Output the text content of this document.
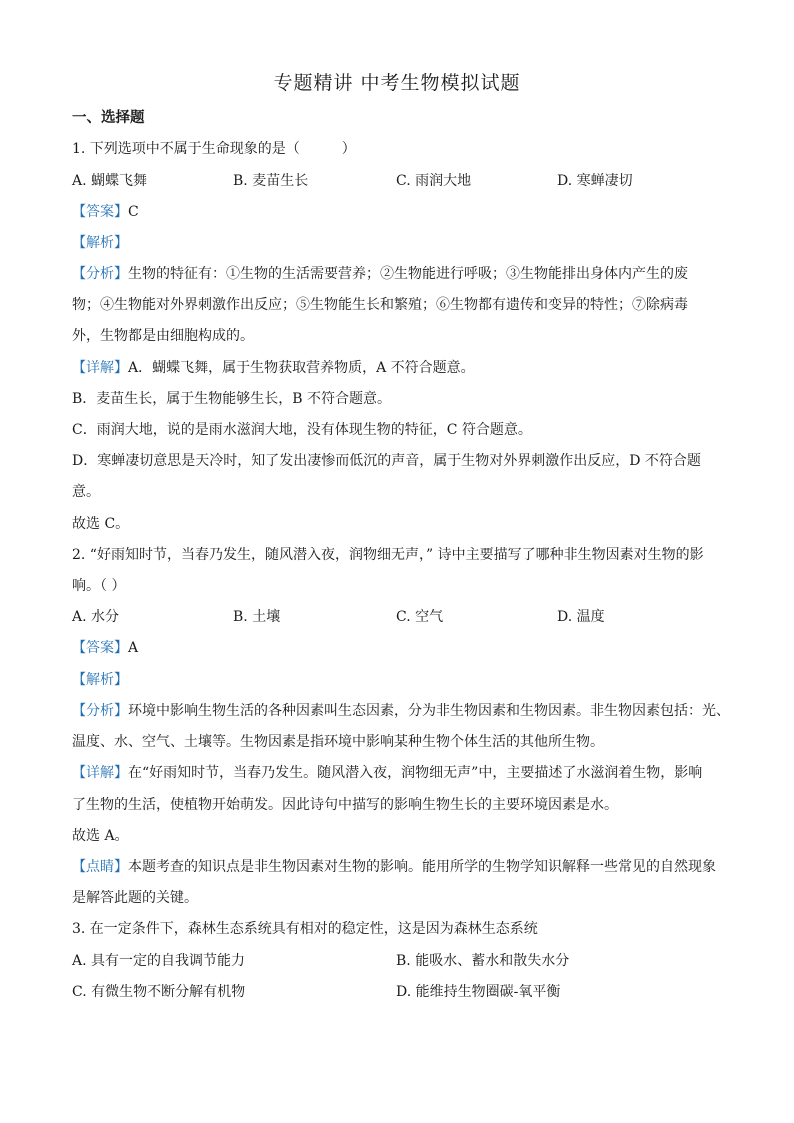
专题精讲 中考生物模拟试题
一、选择题
1. 下列选项中不属于生命现象的是（　　　）
A. 蝴蝶飞舞	B. 麦苗生长	C. 雨润大地	D. 寒蝉凄切
【答案】C
【解析】
【分析】生物的特征有：①生物的生活需要营养；②生物能进行呼吸；③生物能排出身体内产生的废
物；④生物能对外界刺激作出反应；⑤生物能生长和繁殖；⑥生物都有遗传和变异的特性；⑦除病毒
外，生物都是由细胞构成的。
【详解】A．蝴蝶飞舞，属于生物获取营养物质，A 不符合题意。
B．麦苗生长，属于生物能够生长，B 不符合题意。
C．雨润大地，说的是雨水滋润大地，没有体现生物的特征，C 符合题意。
D．寒蝉凄切意思是天冷时，知了发出凄惨而低沉的声音，属于生物对外界刺激作出反应，D 不符合题
意。
故选 C。
2. “好雨知时节，当春乃发生，随风潜入夜，润物细无声，” 诗中主要描写了哪种非生物因素对生物的影
响。（ ）
A. 水分	B. 土壤	C. 空气	D. 温度
【答案】A
【解析】
【分析】环境中影响生物生活的各种因素叫生态因素，分为非生物因素和生物因素。非生物因素包括：光、
温度、水、空气、土壤等。生物因素是指环境中影响某种生物个体生活的其他所生物。
【详解】在“好雨知时节，当春乃发生。随风潜入夜，润物细无声”中，主要描述了水滋润着生物，影响
了生物的生活，使植物开始萌发。因此诗句中描写的影响生物生长的主要环境因素是水。
故选 A。
【点睛】本题考查的知识点是非生物因素对生物的影响。能用所学的生物学知识解释一些常见的自然现象
是解答此题的关键。
3. 在一定条件下，森林生态系统具有相对的稳定性，这是因为森林生态系统
A. 具有一定的自我调节能力	B. 能吸水、蓄水和散失水分
C. 有微生物不断分解有机物	D. 能维持生物圈碳-氧平衡
